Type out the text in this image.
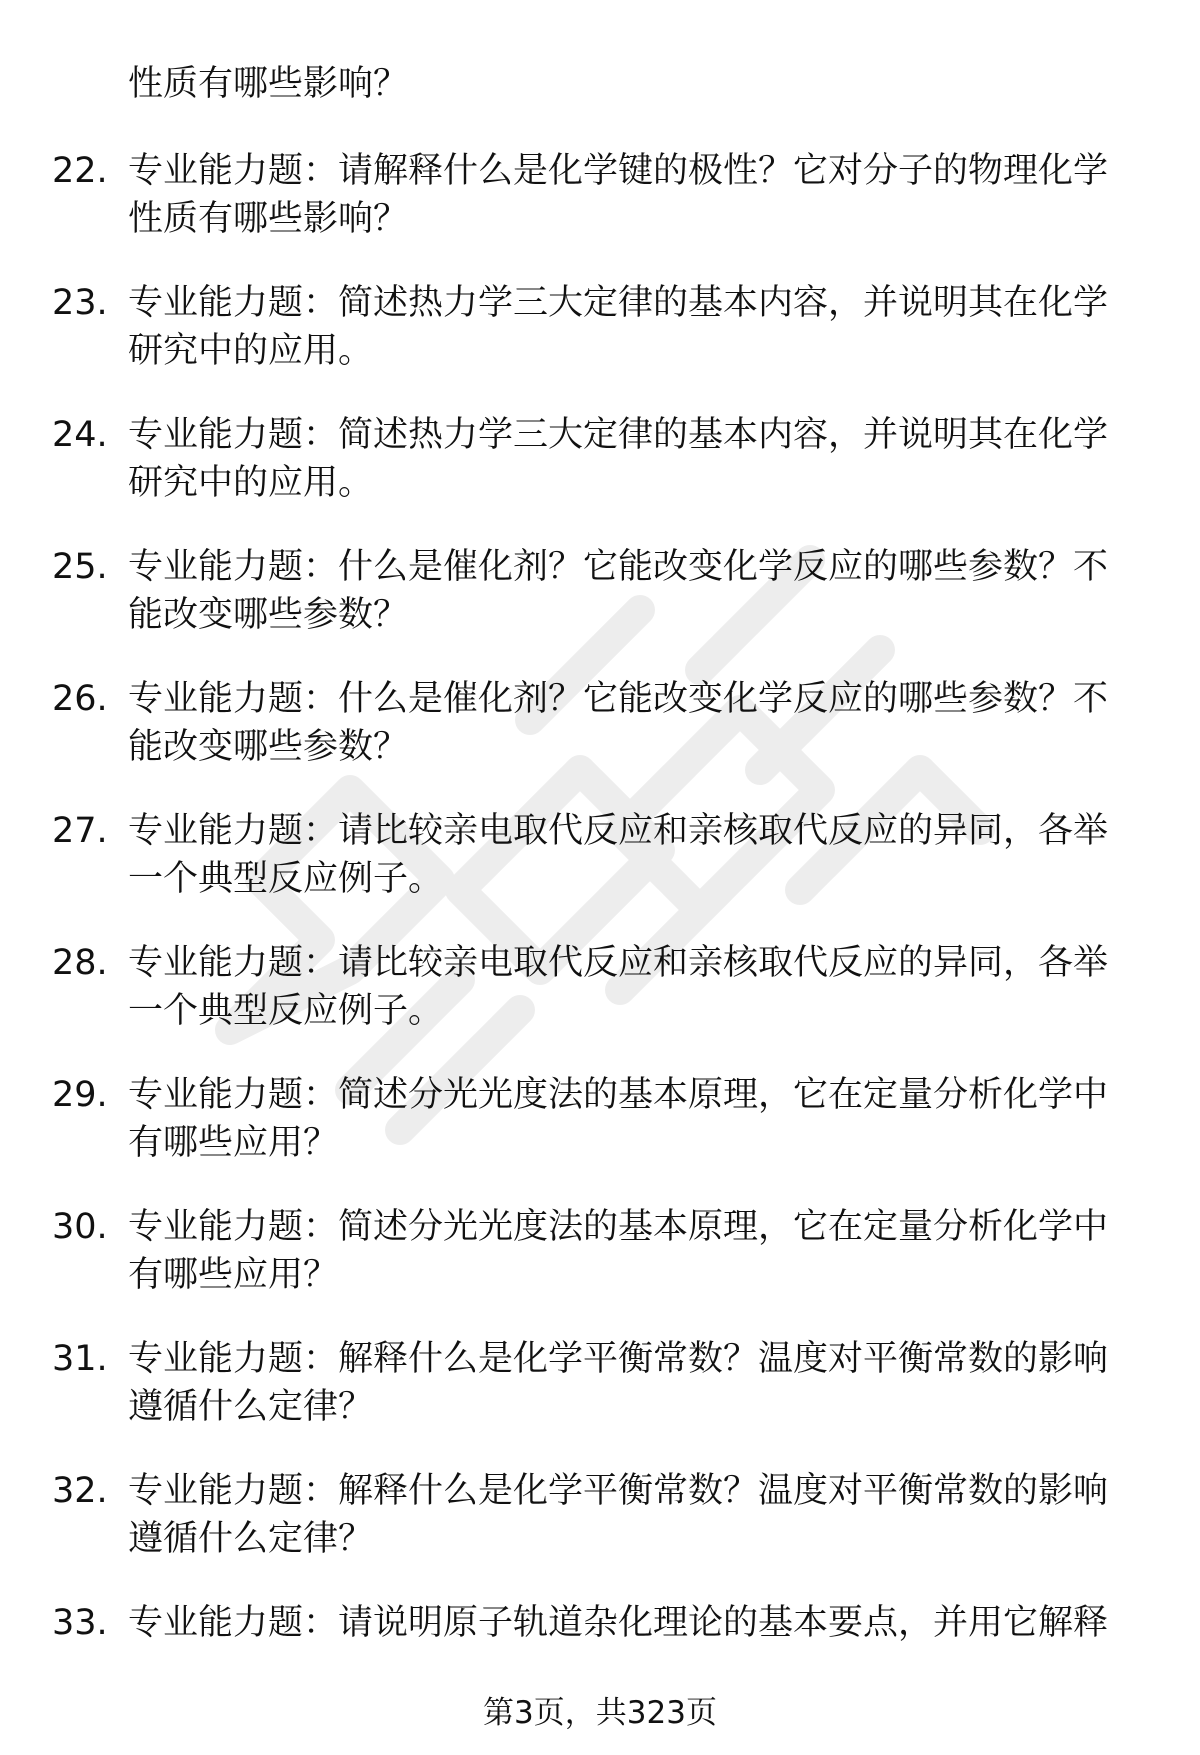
性质有哪些影响？
22. 专业能力题：请解释什么是化学键的极性？它对分子的物理化学
性质有哪些影响？
23. 专业能力题：简述热力学三大定律的基本内容，并说明其在化学
研究中的应用。
24. 专业能力题：简述热力学三大定律的基本内容，并说明其在化学
研究中的应用。
25. 专业能力题：什么是催化剂？它能改变化学反应的哪些参数？不
能改变哪些参数？
26. 专业能力题：什么是催化剂？它能改变化学反应的哪些参数？不
能改变哪些参数？
27. 专业能力题：请比较亲电取代反应和亲核取代反应的异同，各举
一个典型反应例子。
28. 专业能力题：请比较亲电取代反应和亲核取代反应的异同，各举
一个典型反应例子。
29. 专业能力题：简述分光光度法的基本原理，它在定量分析化学中
有哪些应用？
30. 专业能力题：简述分光光度法的基本原理，它在定量分析化学中
有哪些应用？
31. 专业能力题：解释什么是化学平衡常数？温度对平衡常数的影响
遵循什么定律？
32. 专业能力题：解释什么是化学平衡常数？温度对平衡常数的影响
遵循什么定律？
33. 专业能力题：请说明原子轨道杂化理论的基本要点，并用它解释
第3页，共323页
